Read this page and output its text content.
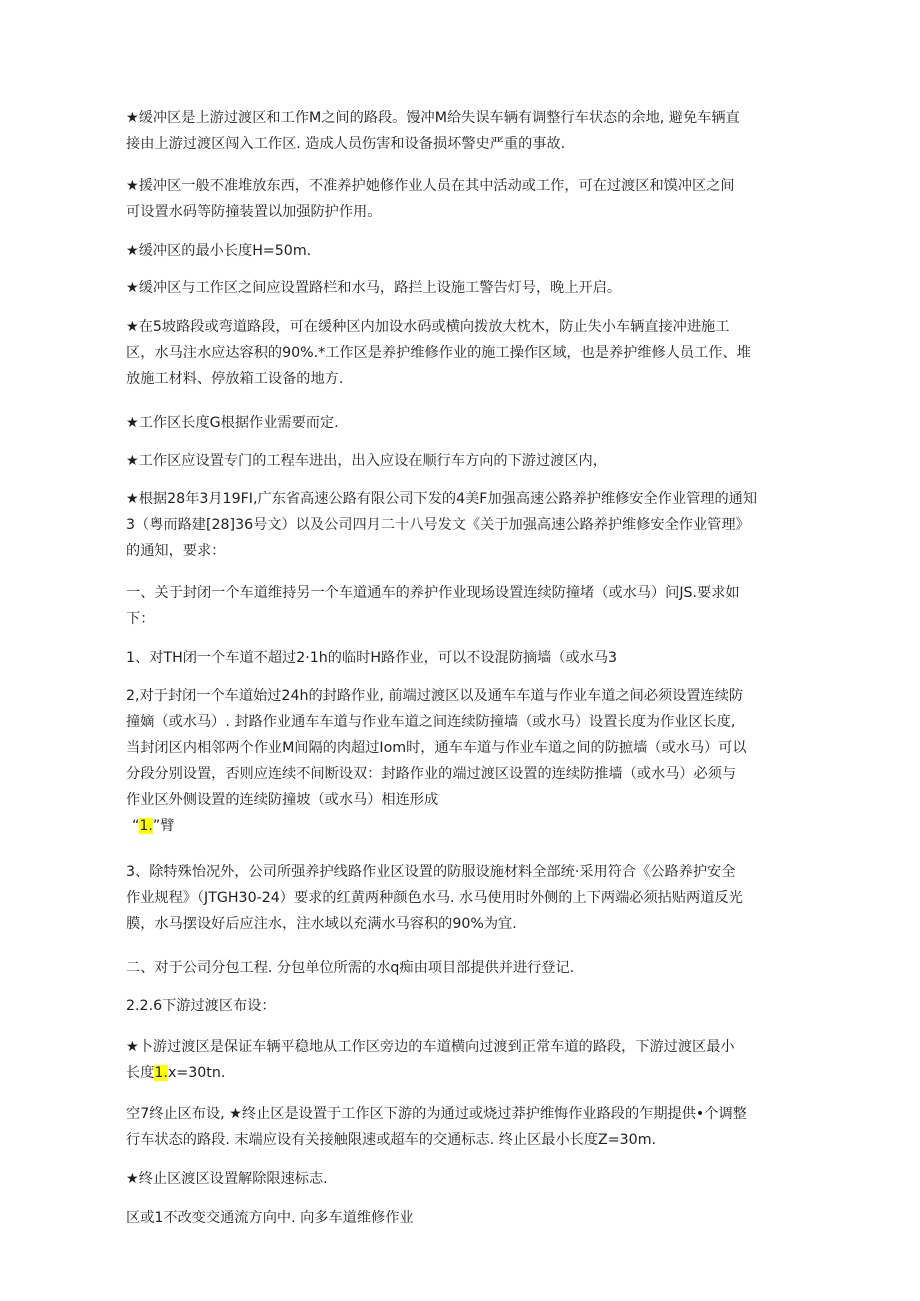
★缓冲区是上游过渡区和工作M之间的路段。馒冲M给失误车辆有调整行车状态的余地, 避免车辆直
接由上游过渡区闯入工作区. 造成人员伤害和设备损坏警史严重的事故.

★援冲区一般不准堆放东西，不准养护她修作业人员在其中活动或工作，可在过渡区和馍冲区之间
可设置水码等防撞装置以加强防护作用。

★缓冲区的最小长度H=50m.

★缓冲区与工作区之间应设置路栏和水马，路拦上设施工警告灯号，晚上开启。

★在5坡路段或弯道路段，可在缓种区内加设水码或横向拨放大枕木，防止失小车辆直接冲进施工
区，水马注水应达容积的90%.*工作区是养护维修作业的施工操作区域，也是养护维修人员工作、堆
放施工材料、停放箱工设备的地方.

★工作区长度G根据作业需要而定.

★工作区应设置专门的工程车进出，出入应设在顺行车方向的下游过渡区内，

★根据28年3月19FI,广东省高速公路有限公司下发的4美F加强高速公路养护维修安全作业管理的通知
3（粤而路建[28]36号文）以及公司四月二十八号发文《关于加强高速公路养护维修安全作业管理》
的通知，要求：

一、关于封闭一个车道维持另一个车道通车的养护作业现场设置连续防撞堵（或水马）问JS.要求如
下：

1、对TH闭一个车道不超过2·1h的临时H路作业，可以不设混防摘墙（或水马3

2,对于封闭一个车道始过24h的封路作业, 前端过渡区以及通车车道与作业车道之间必须设置连续防
撞嫡（或水马）. 封路作业通车车道与作业车道之间连续防撞墙（或水马）设置长度为作业区长度,
当封闭区内相邻两个作业M间隔的肉超过Iom时，通车车道与作业车道之间的防摭墙（或水马）可以
分段分别设置，否则应连续不间断设双：封路作业的端过渡区设置的连续防推墙（或水马）必须与
作业区外侧设置的连续防撞坡（或水马）相连形成

“1.”臂

3、除特殊怡况外，公司所强养护线路作业区设置的防服设施材料全部统·采用符合《公路养护安全
作业规程》（JTGH30-24）要求的红黄两种颜色水马. 水马使用时外侧的上下两端必须拈贴两道反光
膜，水马摆设好后应注水，注水域以充满水马容积的90%为宜.

二、对于公司分包工程. 分包单位所需的水q痴由项目部提供并进行登记.

2.2.6下游过渡区布设：

★卜游过渡区是保证车辆平稳地从工作区旁边的车道横向过渡到正常车道的路段，下游过渡区最小
长度1.x=30tn.

空7终止区布设, ★终止区是设置于工作区下游的为通过或烧过莽护维悔作业路段的乍期提供•个调整
行车状态的路段. 末端应设有关接触限速或超车的交通标志. 终止区最小长度Z=30m.

★终止区渡区设置解除限速标志.

区或1不改变交通流方向中. 向多车道维修作业
